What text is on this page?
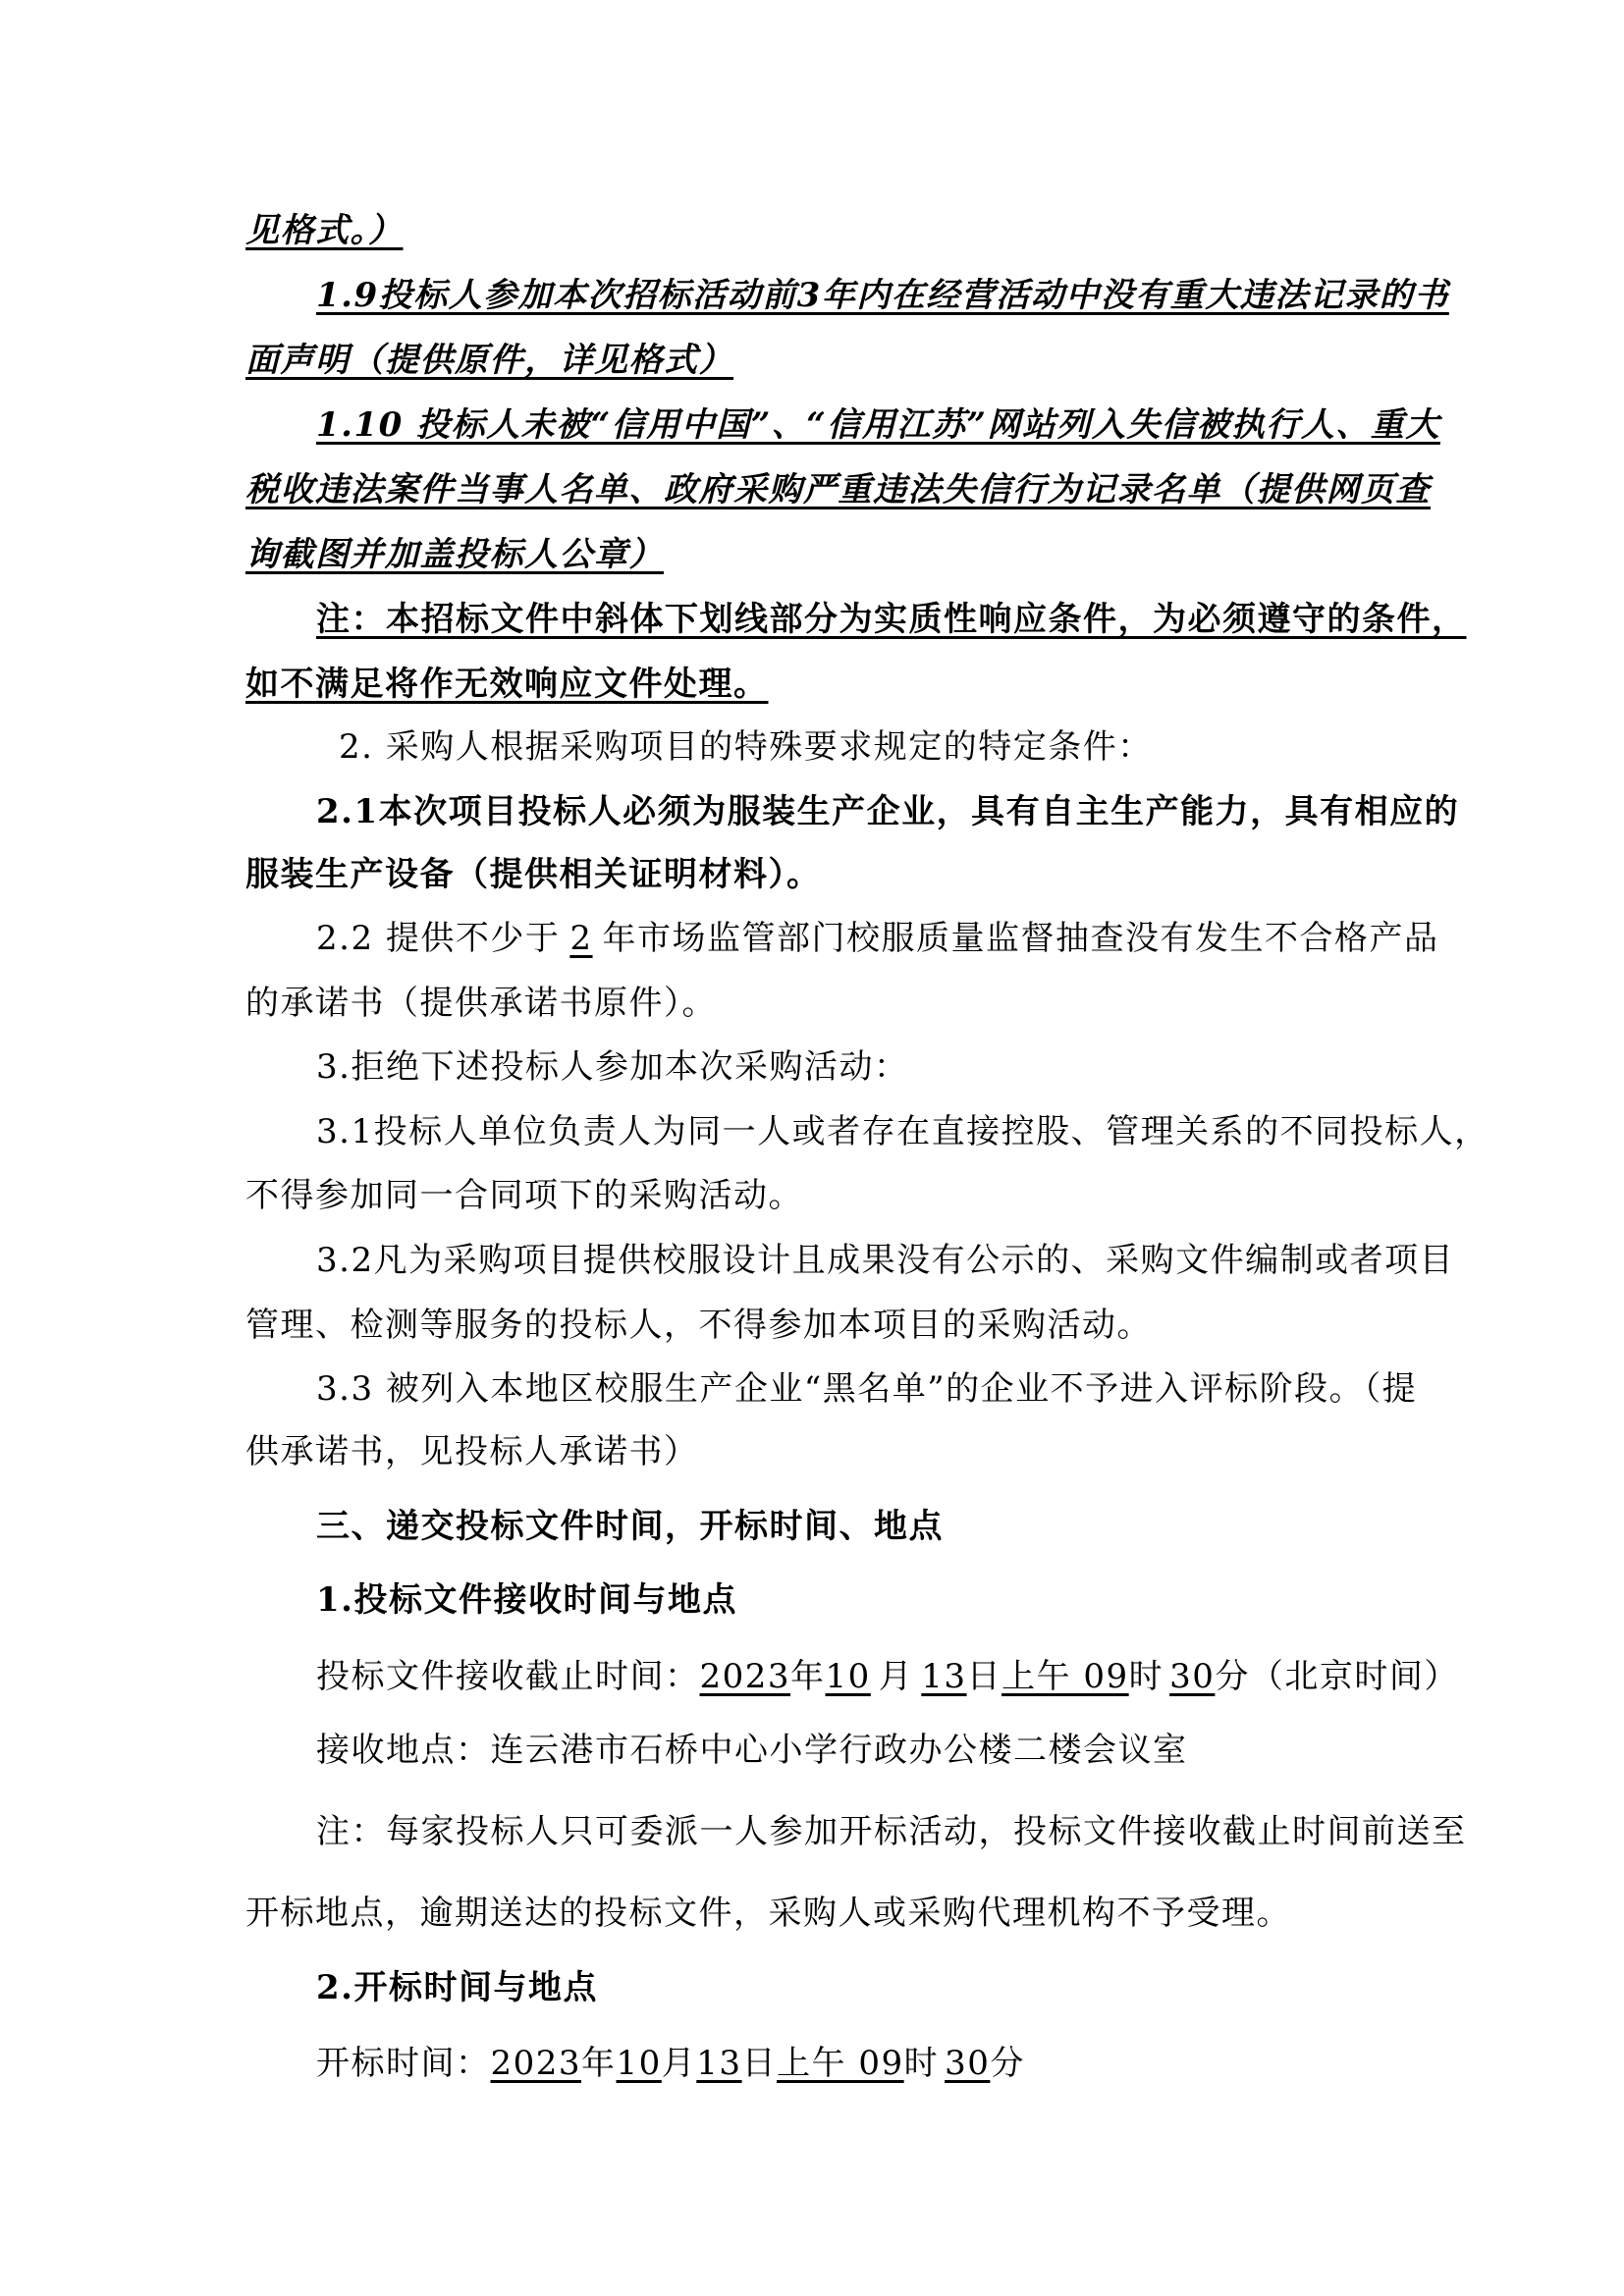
见格式。）
1.9投标人参加本次招标活动前3年内在经营活动中没有重大违法记录的书
面声明（提供原件，详见格式）
1.10 投标人未被“信用中国”、“信用江苏”网站列入失信被执行人、重大
税收违法案件当事人名单、政府采购严重违法失信行为记录名单（提供网页查
询截图并加盖投标人公章）
注：本招标文件中斜体下划线部分为实质性响应条件，为必须遵守的条件，
如不满足将作无效响应文件处理。
2. 采购人根据采购项目的特殊要求规定的特定条件：
2.1本次项目投标人必须为服装生产企业，具有自主生产能力，具有相应的
服装生产设备（提供相关证明材料）。
2.2 提供不少于 2 年市场监管部门校服质量监督抽查没有发生不合格产品
的承诺书（提供承诺书原件）。
3.拒绝下述投标人参加本次采购活动：
3.1投标人单位负责人为同一人或者存在直接控股、管理关系的不同投标人，
不得参加同一合同项下的采购活动。
3.2凡为采购项目提供校服设计且成果没有公示的、采购文件编制或者项目
管理、检测等服务的投标人，不得参加本项目的采购活动。
3.3 被列入本地区校服生产企业“黑名单”的企业不予进入评标阶段。（提
供承诺书，见投标人承诺书）
三、递交投标文件时间，开标时间、地点
1.投标文件接收时间与地点
投标文件接收截止时间：2023年10 月 13日上午 09时 30分（北京时间）
接收地点：连云港市石桥中心小学行政办公楼二楼会议室
注：每家投标人只可委派一人参加开标活动，投标文件接收截止时间前送至
开标地点，逾期送达的投标文件，采购人或采购代理机构不予受理。
2.开标时间与地点
开标时间：2023年10月13日上午 09时 30分
